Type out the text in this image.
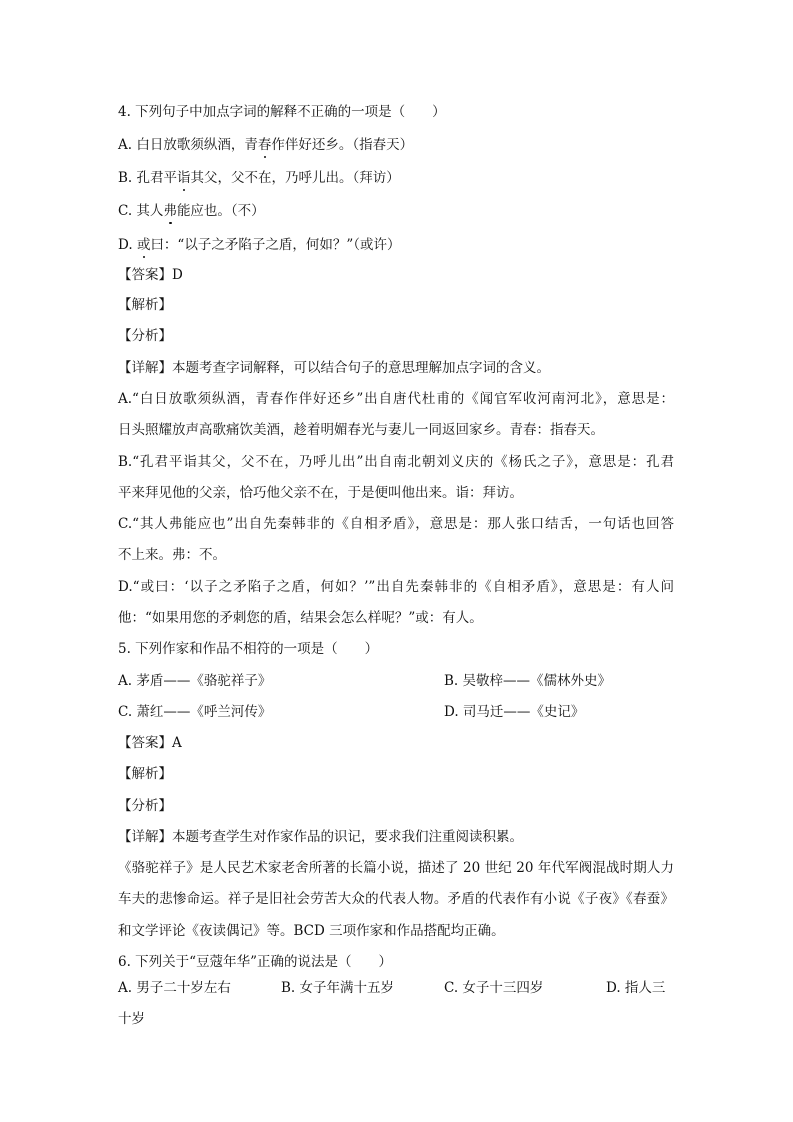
4. 下列句子中加点字词的解释不正确的一项是（　　）
A. 白日放歌须纵酒，青春作伴好还乡。（指春天）
B. 孔君平诣其父，父不在，乃呼儿出。（拜访）
C. 其人弗能应也。（不）
D. 或曰：“以子之矛陷子之盾，何如？”（或许）
【答案】D
【解析】
【分析】
【详解】本题考查字词解释，可以结合句子的意思理解加点字词的含义。
A.“白日放歌须纵酒，青春作伴好还乡”出自唐代杜甫的《闻官军收河南河北》，意思是：
日头照耀放声高歌痛饮美酒，趁着明媚春光与妻儿一同返回家乡。青春：指春天。
B.“孔君平诣其父，父不在，乃呼儿出”出自南北朝刘义庆的《杨氏之子》，意思是：孔君
平来拜见他的父亲，恰巧他父亲不在，于是便叫他出来。诣：拜访。
C.“其人弗能应也”出自先秦韩非的《自相矛盾》，意思是：那人张口结舌，一句话也回答
不上来。弗：不。
D.“或曰：‘以子之矛陷子之盾，何如？’”出自先秦韩非的《自相矛盾》，意思是：有人问
他：“如果用您的矛刺您的盾，结果会怎么样呢？”或：有人。
5. 下列作家和作品不相符的一项是（　　）
A. 茅盾——《骆驼祥子》	B. 吴敬梓——《儒林外史》
C. 萧红——《呼兰河传》	D. 司马迁——《史记》
【答案】A
【解析】
【分析】
【详解】本题考查学生对作家作品的识记，要求我们注重阅读积累。
《骆驼祥子》是人民艺术家老舍所著的长篇小说，描述了 20 世纪 20 年代军阀混战时期人力
车夫的悲惨命运。祥子是旧社会劳苦大众的代表人物。矛盾的代表作有小说《子夜》《春蚕》
和文学评论《夜读偶记》等。BCD 三项作家和作品搭配均正确。
6. 下列关于“豆蔻年华”正确的说法是（　　）
A. 男子二十岁左右	B. 女子年满十五岁	C. 女子十三四岁	D. 指人三
十岁
